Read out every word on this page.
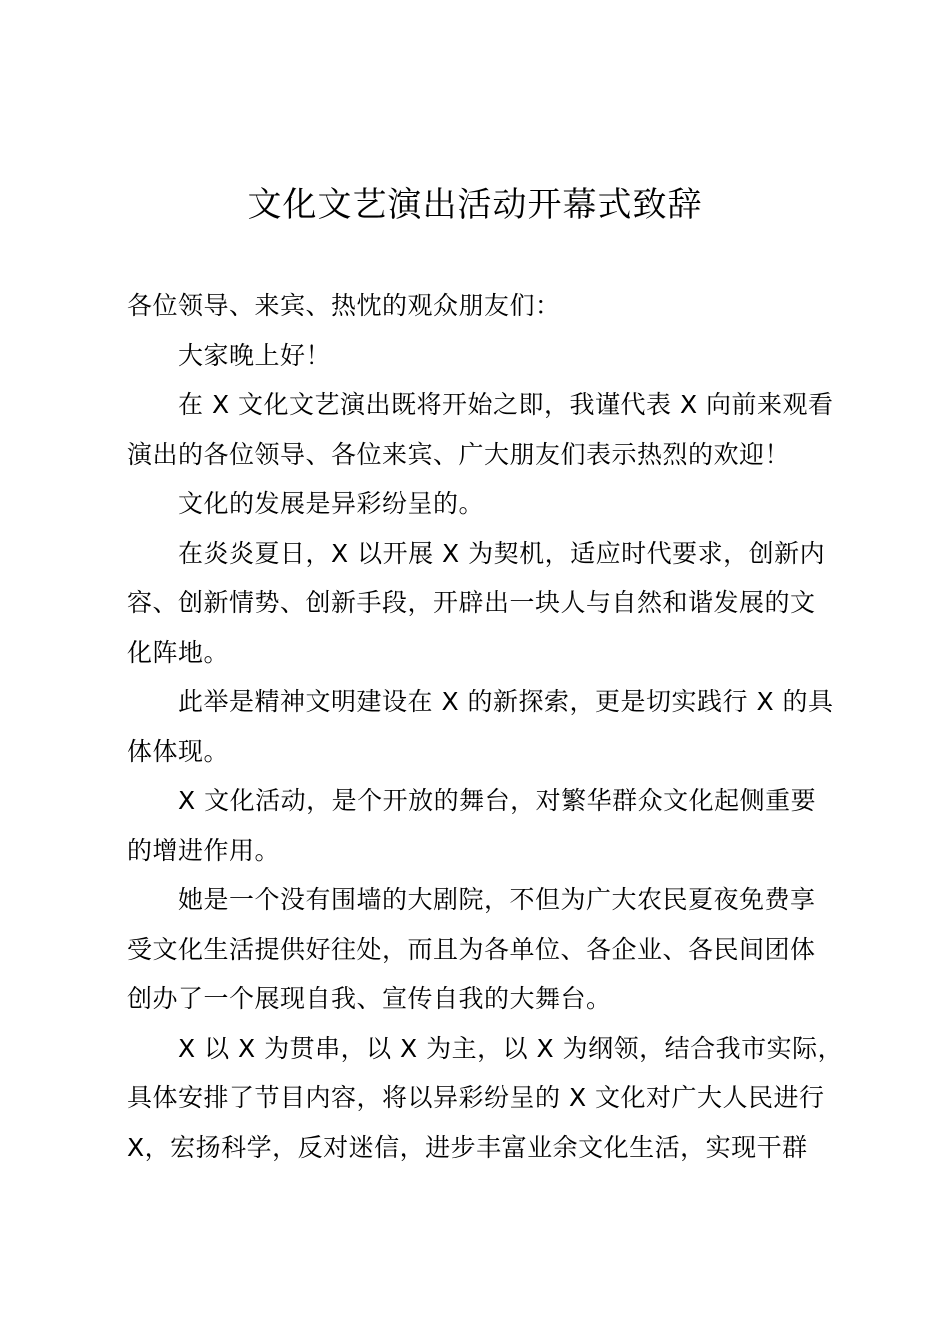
文化文艺演出活动开幕式致辞
各位领导、来宾、热忱的观众朋友们：
大家晚上好！
在 X 文化文艺演出既将开始之即，我谨代表 X 向前来观看
演出的各位领导、各位来宾、广大朋友们表示热烈的欢迎！
文化的发展是异彩纷呈的。
在炎炎夏日，X 以开展 X 为契机，适应时代要求，创新内
容、创新情势、创新手段，开辟出一块人与自然和谐发展的文
化阵地。
此举是精神文明建设在 X 的新探索，更是切实践行 X 的具
体体现。
X 文化活动，是个开放的舞台，对繁华群众文化起侧重要
的增进作用。
她是一个没有围墙的大剧院，不但为广大农民夏夜免费享
受文化生活提供好往处，而且为各单位、各企业、各民间团体
创办了一个展现自我、宣传自我的大舞台。
X 以 X 为贯串，以 X 为主，以 X 为纲领，结合我市实际，
具体安排了节目内容，将以异彩纷呈的 X 文化对广大人民进行
X，宏扬科学，反对迷信，进步丰富业余文化生活，实现干群
